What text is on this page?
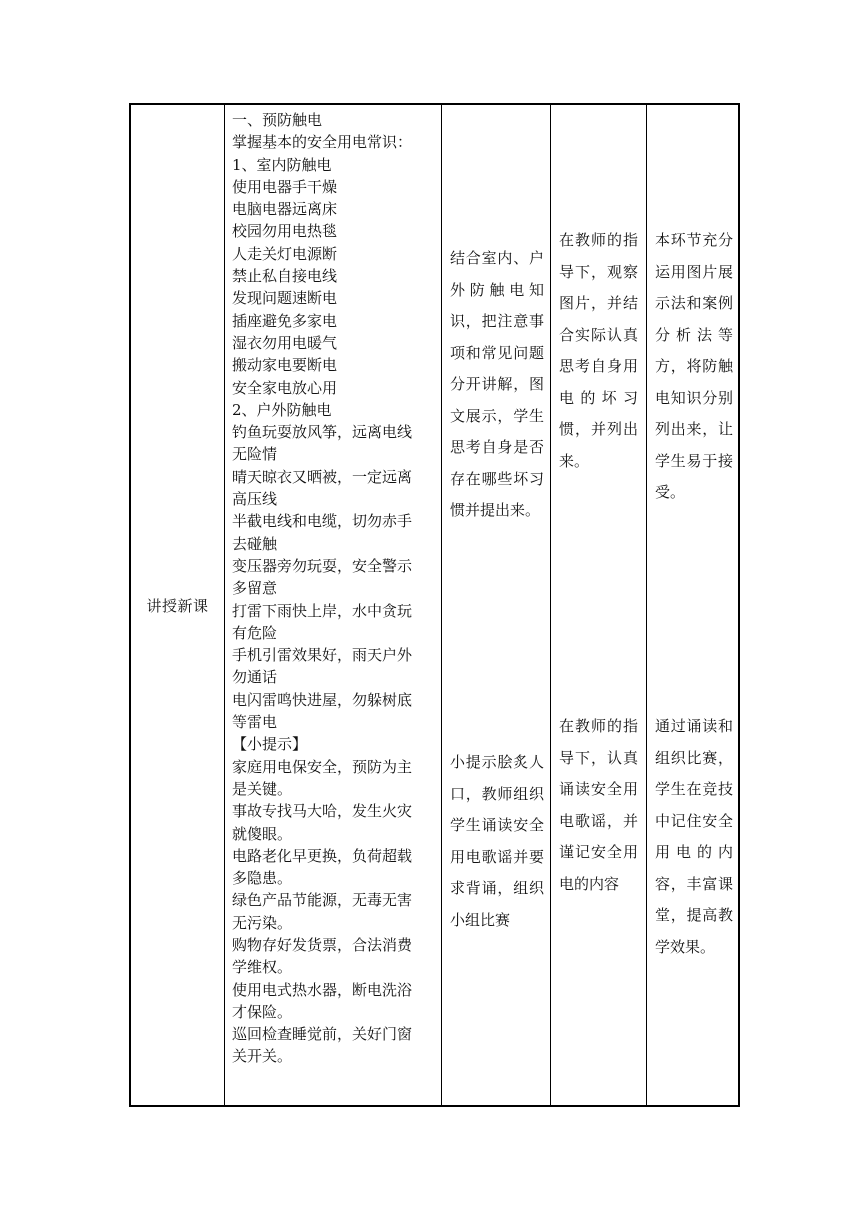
讲授新课
一、预防触电
掌握基本的安全用电常识：
1、室内防触电
使用电器手干燥
电脑电器远离床
校园勿用电热毯
人走关灯电源断
禁止私自接电线
发现问题速断电
插座避免多家电
湿衣勿用电暖气
搬动家电要断电
安全家电放心用
2、户外防触电
钓鱼玩耍放风筝，远离电线
无险情
晴天晾衣又晒被，一定远离
高压线
半截电线和电缆，切勿赤手
去碰触
变压器旁勿玩耍，安全警示
多留意
打雷下雨快上岸，水中贪玩
有危险
手机引雷效果好，雨天户外
勿通话
电闪雷鸣快进屋，勿躲树底
等雷电
【小提示】
家庭用电保安全，预防为主
是关键。
事故专找马大哈，发生火灾
就傻眼。
电路老化早更换，负荷超载
多隐患。
绿色产品节能源，无毒无害
无污染。
购物存好发货票，合法消费
学维权。
使用电式热水器，断电洗浴
才保险。
巡回检查睡觉前，关好门窗
关开关。

结合室内、户外防触电知识，把注意事项和常见问题分开讲解，图文展示，学生思考自身是否存在哪些坏习惯并提出来。

小提示脍炙人口，教师组织学生诵读安全用电歌谣并要求背诵，组织小组比赛

在教师的指导下，观察图片，并结合实际认真思考自身用电的坏习惯，并列出来。

在教师的指导下，认真诵读安全用电歌谣，并谨记安全用电的内容

本环节充分运用图片展示法和案例分析法等方，将防触电知识分别列出来，让学生易于接受。

通过诵读和组织比赛，学生在竞技中记住安全用电的内容，丰富课堂，提高教学效果。
